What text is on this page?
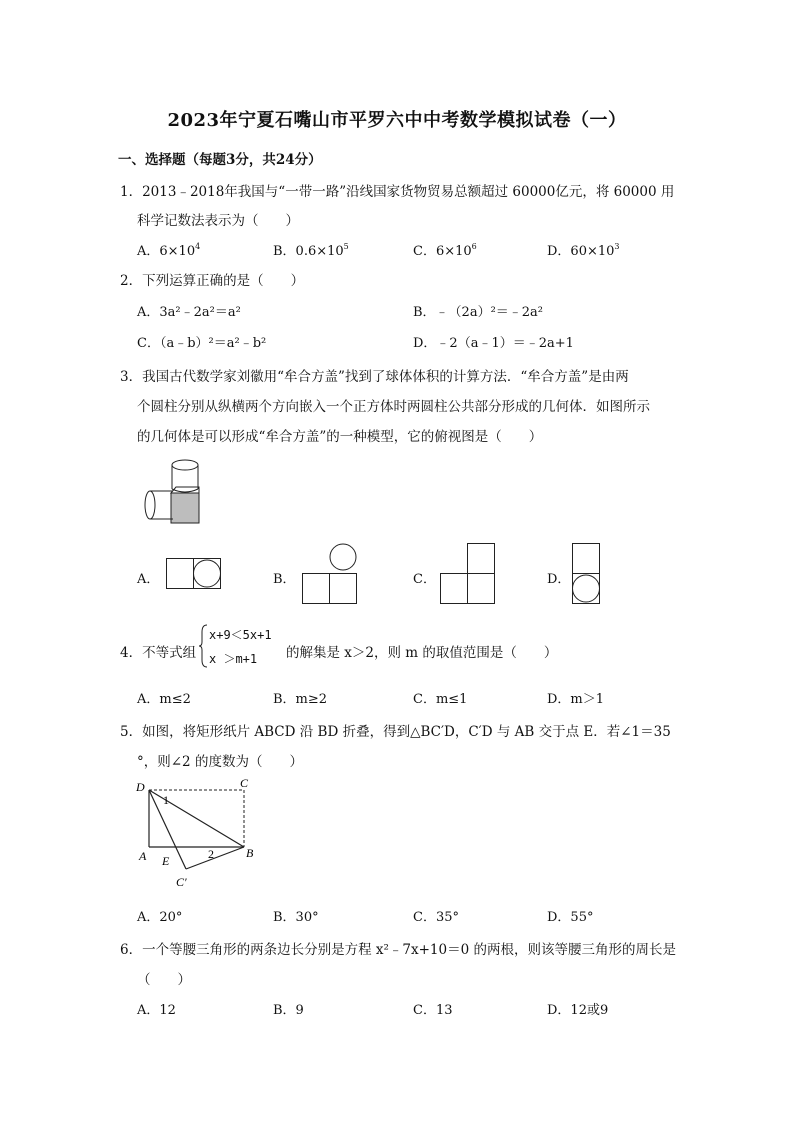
2023年宁夏石嘴山市平罗六中中考数学模拟试卷（一）
一、选择题（每题3分，共24分）
1．2013﹣2018年我国与“一带一路”沿线国家货物贸易总额超过 60000亿元，将 60000 用
科学记数法表示为（　　）
A．$6\times 10^4$	B．$0.6\times 10^5$	C．$6\times 10^6$	D．$60\times 10^3$
2．下列运算正确的是（　　）
A．3a²﹣2a²＝a²	B．﹣（2a）²＝﹣2a²
C．（a﹣b）²＝a²﹣b²	D．﹣2（a﹣1）＝﹣2a+1
3．我国古代数学家刘徽用“牟合方盖”找到了球体体积的计算方法．“牟合方盖”是由两
个圆柱分别从纵横两个方向嵌入一个正方体时两圆柱公共部分形成的几何体．如图所示
的几何体是可以形成“牟合方盖”的一种模型，它的俯视图是（　　）
A．	B．	C．	D．
4．不等式组
x+9＜5x+1
x ＞m+1 的解集是 x＞2，则 m 的取值范围是（　　）
A．m≤2	B．m≥2	C．m≤1	D．m＞1
5．如图，将矩形纸片 ABCD 沿 BD 折叠，得到△BC′D，C′D 与 AB 交于点 E．若∠1＝35
°，则∠2 的度数为（　　）
D	C
A E
B
C′
1
2
A．20°	B．30°	C．35°	D．55°
6．一个等腰三角形的两条边长分别是方程 x²﹣7x+10＝0 的两根，则该等腰三角形的周长是
（　　）
A．12	B．9	C．13	D．12或9
